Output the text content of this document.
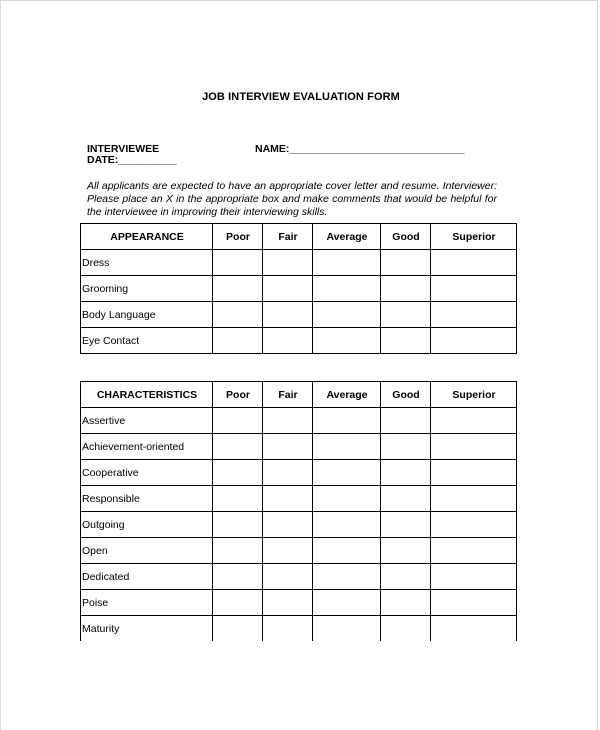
JOB INTERVIEW EVALUATION FORM
INTERVIEWEE
DATE:__________
NAME:______________________________
All applicants are expected to have an appropriate cover letter and resume. Interviewer: Please place an X in the appropriate box and make comments that would be helpful for the interviewee in improving their interviewing skills.
APPEARANCE	Poor	Fair	Average	Good	Superior
Dress					
Grooming					
Body Language					
Eye Contact					
CHARACTERISTICS	Poor	Fair	Average	Good	Superior
Assertive					
Achievement-oriented					
Cooperative					
Responsible					
Outgoing					
Open					
Dedicated					
Poise					
Maturity					
